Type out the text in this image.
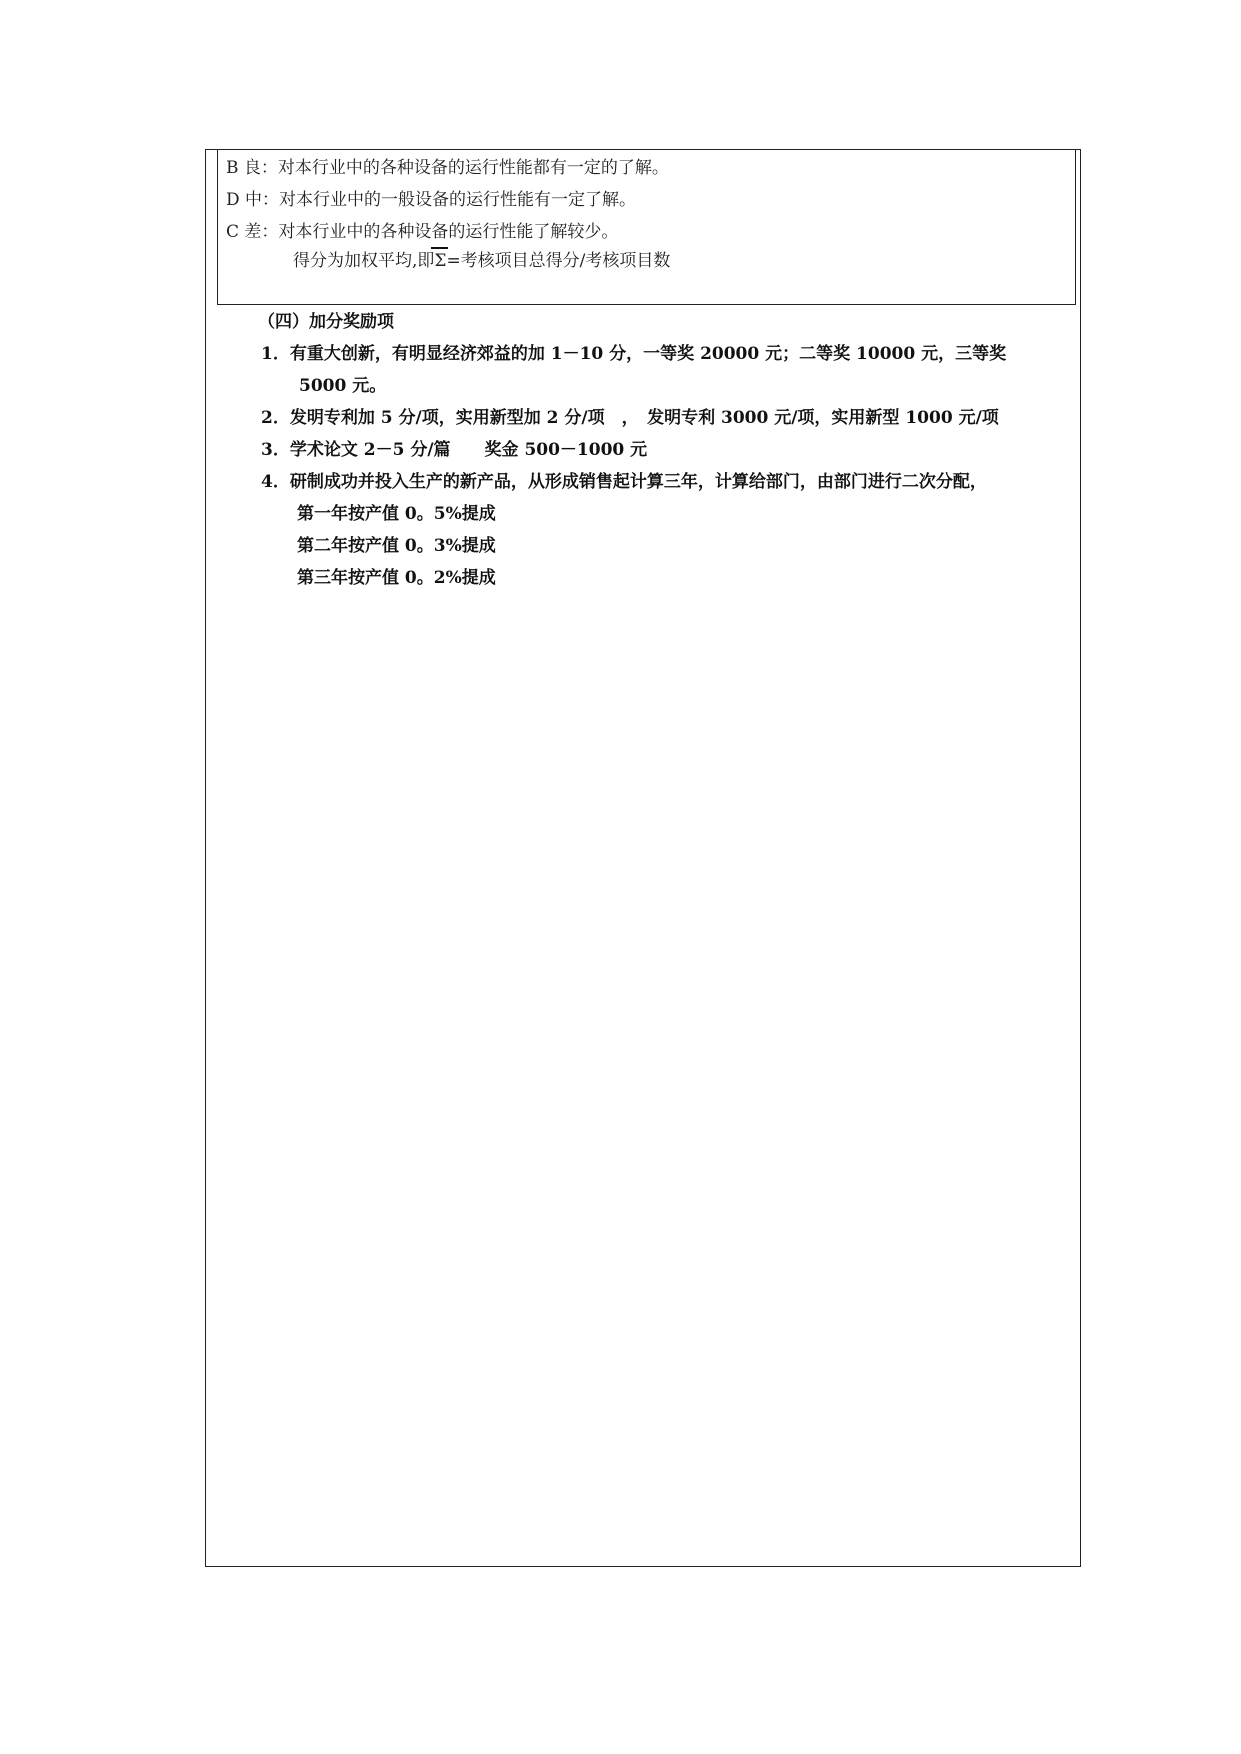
B 良：对本行业中的各种设备的运行性能都有一定的了解。
D 中：对本行业中的一般设备的运行性能有一定了解。
C 差：对本行业中的各种设备的运行性能了解较少。
得分为加权平均,即Σ=考核项目总得分/考核项目数
（四）加分奖励项
1．有重大创新，有明显经济郊益的加 1－10 分，一等奖 20000 元；二等奖 10000 元，三等奖
5000 元。
2．发明专利加 5 分/项，实用新型加 2 分/项　，　发明专利 3000 元/项，实用新型 1000 元/项
3．学术论文 2－5 分/篇　　奖金 500－1000 元
4．研制成功并投入生产的新产品，从形成销售起计算三年，计算给部门，由部门进行二次分配，
第一年按产值 0。5%提成
第二年按产值 0。3%提成
第三年按产值 0。2%提成
